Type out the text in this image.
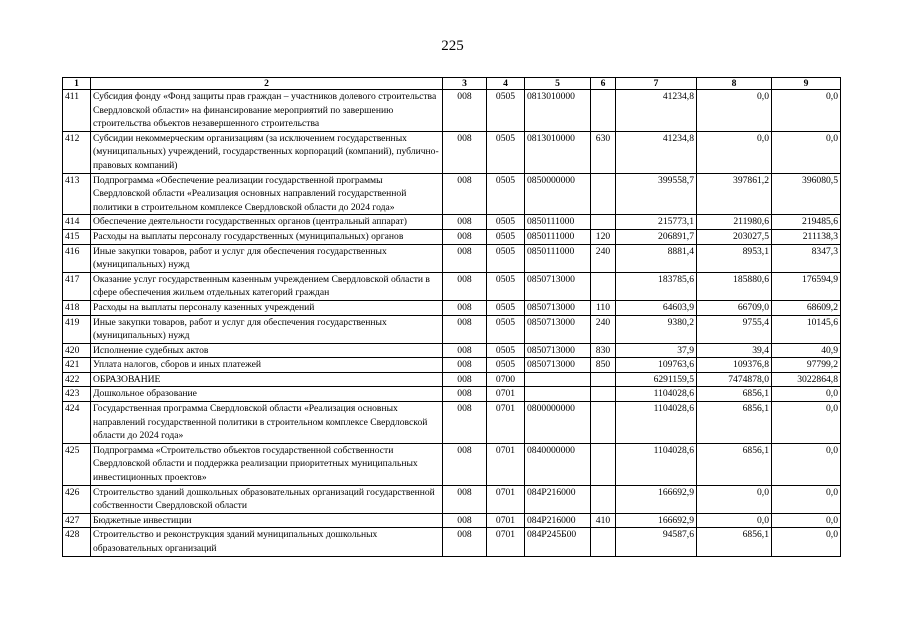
225
1	2	3	4	5	6	7	8	9
411	Субсидия фонду «Фонд защиты прав граждан – участников долевого строительства Свердловской области» на финансирование мероприятий по завершению строительства объектов незавершенного строительства	008	0505	0813010000		41234,8	0,0	0,0
412	Субсидии некоммерческим организациям (за исключением государственных (муниципальных) учреждений, государственных корпораций (компаний), публично-правовых компаний)	008	0505	0813010000	630	41234,8	0,0	0,0
413	Подпрограмма «Обеспечение реализации государственной программы Свердловской области «Реализация основных направлений государственной политики в строительном комплексе Свердловской области до 2024 года»	008	0505	0850000000		399558,7	397861,2	396080,5
414	Обеспечение деятельности государственных органов (центральный аппарат)	008	0505	0850111000		215773,1	211980,6	219485,6
415	Расходы на выплаты персоналу государственных (муниципальных) органов	008	0505	0850111000	120	206891,7	203027,5	211138,3
416	Иные закупки товаров, работ и услуг для обеспечения государственных (муниципальных) нужд	008	0505	0850111000	240	8881,4	8953,1	8347,3
417	Оказание услуг государственным казенным учреждением Свердловской области в сфере обеспечения жильем отдельных категорий граждан	008	0505	0850713000		183785,6	185880,6	176594,9
418	Расходы на выплаты персоналу казенных учреждений	008	0505	0850713000	110	64603,9	66709,0	68609,2
419	Иные закупки товаров, работ и услуг для обеспечения государственных (муниципальных) нужд	008	0505	0850713000	240	9380,2	9755,4	10145,6
420	Исполнение судебных актов	008	0505	0850713000	830	37,9	39,4	40,9
421	Уплата налогов, сборов и иных платежей	008	0505	0850713000	850	109763,6	109376,8	97799,2
422	ОБРАЗОВАНИЕ	008	0700			6291159,5	7474878,0	3022864,8
423	Дошкольное образование	008	0701			1104028,6	6856,1	0,0
424	Государственная программа Свердловской области «Реализация основных направлений государственной политики в строительном комплексе Свердловской области до 2024 года»	008	0701	0800000000		1104028,6	6856,1	0,0
425	Подпрограмма «Строительство объектов государственной собственности Свердловской области и поддержка реализации приоритетных муниципальных инвестиционных проектов»	008	0701	0840000000		1104028,6	6856,1	0,0
426	Строительство зданий дошкольных образовательных организаций государственной собственности Свердловской области	008	0701	084P216000		166692,9	0,0	0,0
427	Бюджетные инвестиции	008	0701	084P216000	410	166692,9	0,0	0,0
428	Строительство и реконструкция зданий муниципальных дошкольных образовательных организаций	008	0701	084P245Б00		94587,6	6856,1	0,0
